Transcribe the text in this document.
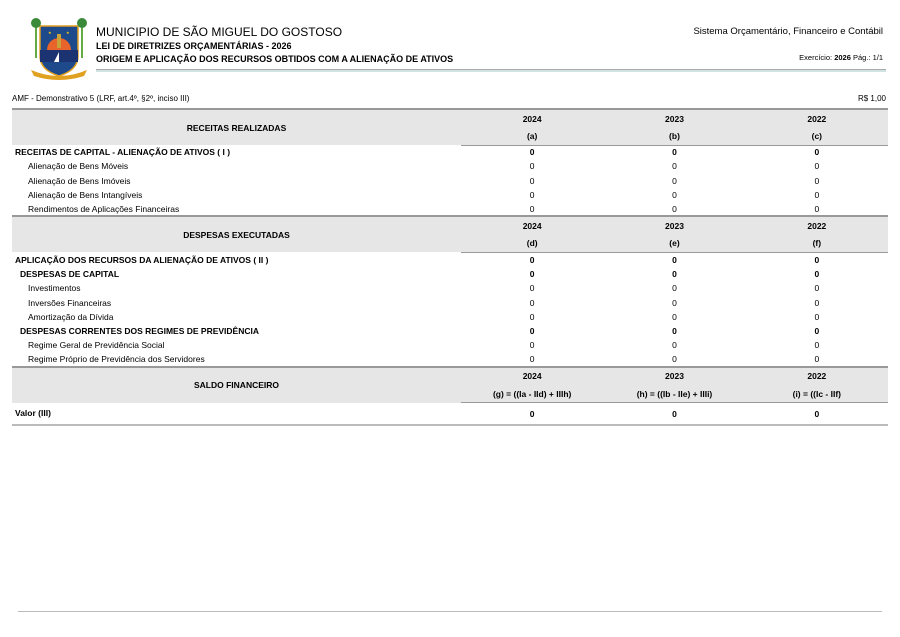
★	★ MUNICIPIO DE SÃO MIGUEL DO GOSTOSO
LEI DE DIRETRIZES ORÇAMENTÁRIAS - 2026
ORIGEM E APLICAÇÃO DOS RECURSOS OBTIDOS COM A ALIENAÇÃO DE ATIVOS
Sistema Orçamentário, Financeiro e Contábil
Exercício: 2026 Pág.: 1/1
AMF - Demonstrativo 5 (LRF, art.4º, §2º, inciso III)	R$ 1,00
RECEITAS REALIZADAS	2024	2023	2022
	(a)	(b)	(c)
RECEITAS DE CAPITAL - ALIENAÇÃO DE ATIVOS ( I )	0	0	0
Alienação de Bens Móveis	0	0	0
Alienação de Bens Imóveis	0	0	0
Alienação de Bens Intangíveis	0	0	0
Rendimentos de Aplicações Financeiras	0	0	0
DESPESAS EXECUTADAS	2024	2023	2022
	(d)	(e)	(f)
APLICAÇÃO DOS RECURSOS DA ALIENAÇÃO DE ATIVOS ( II )	0	0	0
DESPESAS DE CAPITAL	0	0	0
Investimentos	0	0	0
Inversões Financeiras	0	0	0
Amortização da Dívida	0	0	0
DESPESAS CORRENTES DOS REGIMES DE PREVIDÊNCIA	0	0	0
Regime Geral de Previdência Social	0	0	0
Regime Próprio de Previdência dos Servidores	0	0	0
SALDO FINANCEIRO	2024	2023	2022
	(g) = ((Ia - IId) + IIIh)	(h) = ((Ib - IIe) + IIIi)	(i) = ((Ic - IIf)
Valor (III)	0	0	0
